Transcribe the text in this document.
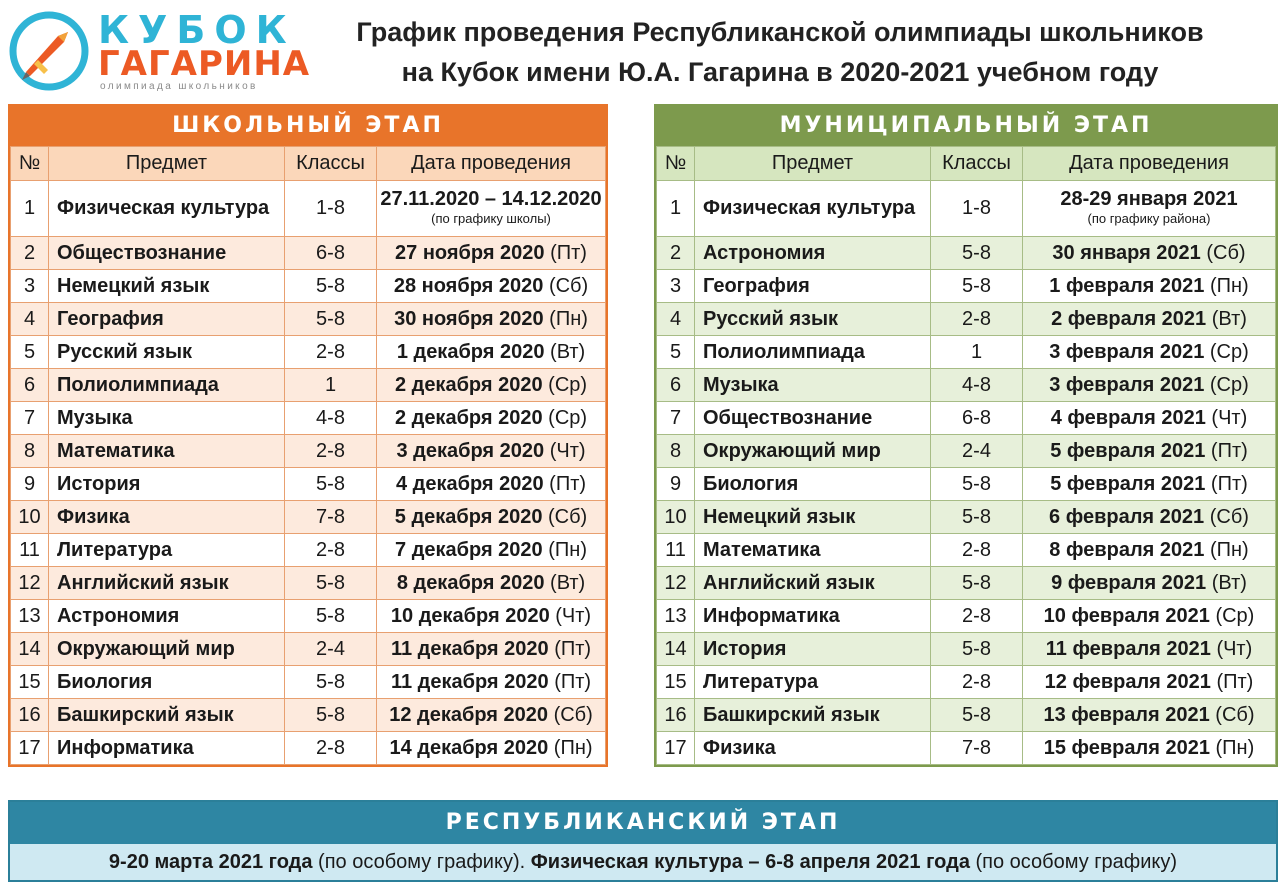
КУБОК
ГАГАРИНА
олимпиада школьников
График проведения Республиканской олимпиады школьников
на Кубок имени Ю.А. Гагарина в 2020-2021 учебном году
ШКОЛЬНЫЙ ЭТАП
№	Предмет	Классы	Дата проведения
1	Физическая культура	1-8	27.11.2020 – 14.12.2020
(по графику школы)

2	Обществознание	6-8	27 ноября 2020 (Пт)
3	Немецкий язык	5-8	28 ноября 2020 (Сб)
4	География	5-8	30 ноября 2020 (Пн)
5	Русский язык	2-8	1 декабря 2020 (Вт)
6	Полиолимпиада	1	2 декабря 2020 (Ср)
7	Музыка	4-8	2 декабря 2020 (Ср)
8	Математика	2-8	3 декабря 2020 (Чт)
9	История	5-8	4 декабря 2020 (Пт)
10	Физика	7-8	5 декабря 2020 (Сб)
11	Литература	2-8	7 декабря 2020 (Пн)
12	Английский язык	5-8	8 декабря 2020 (Вт)
13	Астрономия	5-8	10 декабря 2020 (Чт)
14	Окружающий мир	2-4	11 декабря 2020 (Пт)
15	Биология	5-8	11 декабря 2020 (Пт)
16	Башкирский язык	5-8	12 декабря 2020 (Сб)
17	Информатика	2-8	14 декабря 2020 (Пн)
МУНИЦИПАЛЬНЫЙ ЭТАП
№	Предмет	Классы	Дата проведения
1	Физическая культура	1-8	28-29 января 2021
(по графику района)

2	Астрономия	5-8	30 января 2021 (Сб)
3	География	5-8	1 февраля 2021 (Пн)
4	Русский язык	2-8	2 февраля 2021 (Вт)
5	Полиолимпиада	1	3 февраля 2021 (Ср)
6	Музыка	4-8	3 февраля 2021 (Ср)
7	Обществознание	6-8	4 февраля 2021 (Чт)
8	Окружающий мир	2-4	5 февраля 2021 (Пт)
9	Биология	5-8	5 февраля 2021 (Пт)
10	Немецкий язык	5-8	6 февраля 2021 (Сб)
11	Математика	2-8	8 февраля 2021 (Пн)
12	Английский язык	5-8	9 февраля 2021 (Вт)
13	Информатика	2-8	10 февраля 2021 (Ср)
14	История	5-8	11 февраля 2021 (Чт)
15	Литература	2-8	12 февраля 2021 (Пт)
16	Башкирский язык	5-8	13 февраля 2021 (Сб)
17	Физика	7-8	15 февраля 2021 (Пн)
РЕСПУБЛИКАНСКИЙ ЭТАП
9-20 марта 2021 года (по особому графику). Физическая культура – 6-8 апреля 2021 года (по особому графику)
